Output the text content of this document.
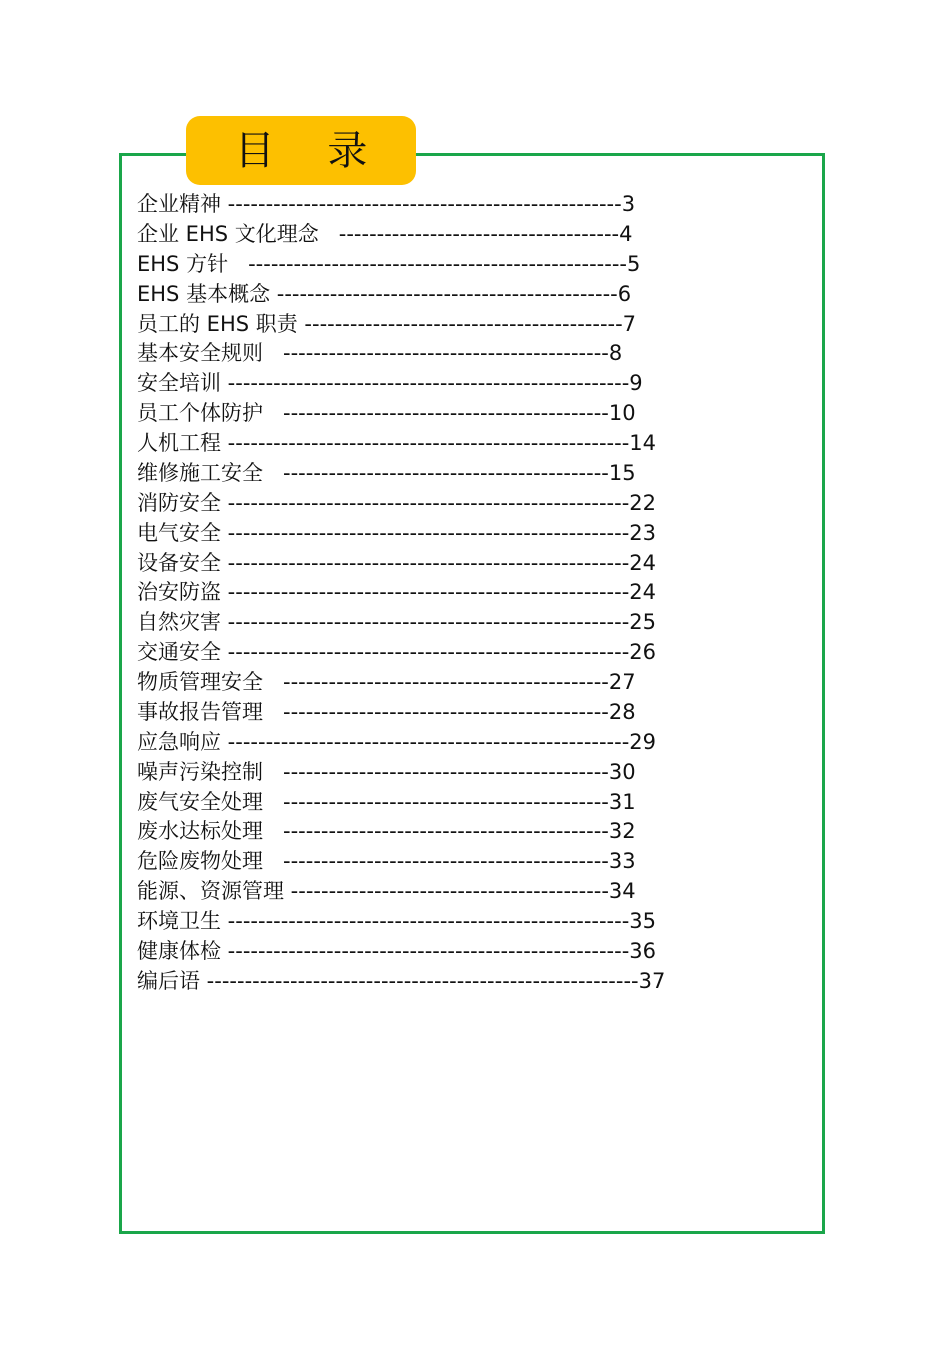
目 录
企业精神 ----------------------------------------------------3
企业 EHS 文化理念   -------------------------------------4
EHS 方针   --------------------------------------------------5
EHS 基本概念 ---------------------------------------------6
员工的 EHS 职责 ------------------------------------------7
基本安全规则   -------------------------------------------8
安全培训 -----------------------------------------------------9
员工个体防护   -------------------------------------------10
人机工程 -----------------------------------------------------14
维修施工安全   -------------------------------------------15
消防安全 -----------------------------------------------------22
电气安全 -----------------------------------------------------23
设备安全 -----------------------------------------------------24
治安防盗 -----------------------------------------------------24
自然灾害 -----------------------------------------------------25
交通安全 -----------------------------------------------------26
物质管理安全   -------------------------------------------27
事故报告管理   -------------------------------------------28
应急响应 -----------------------------------------------------29
噪声污染控制   -------------------------------------------30
废气安全处理   -------------------------------------------31
废水达标处理   -------------------------------------------32
危险废物处理   -------------------------------------------33
能源、资源管理 ------------------------------------------34
环境卫生 -----------------------------------------------------35
健康体检 -----------------------------------------------------36
编后语 ---------------------------------------------------------37
